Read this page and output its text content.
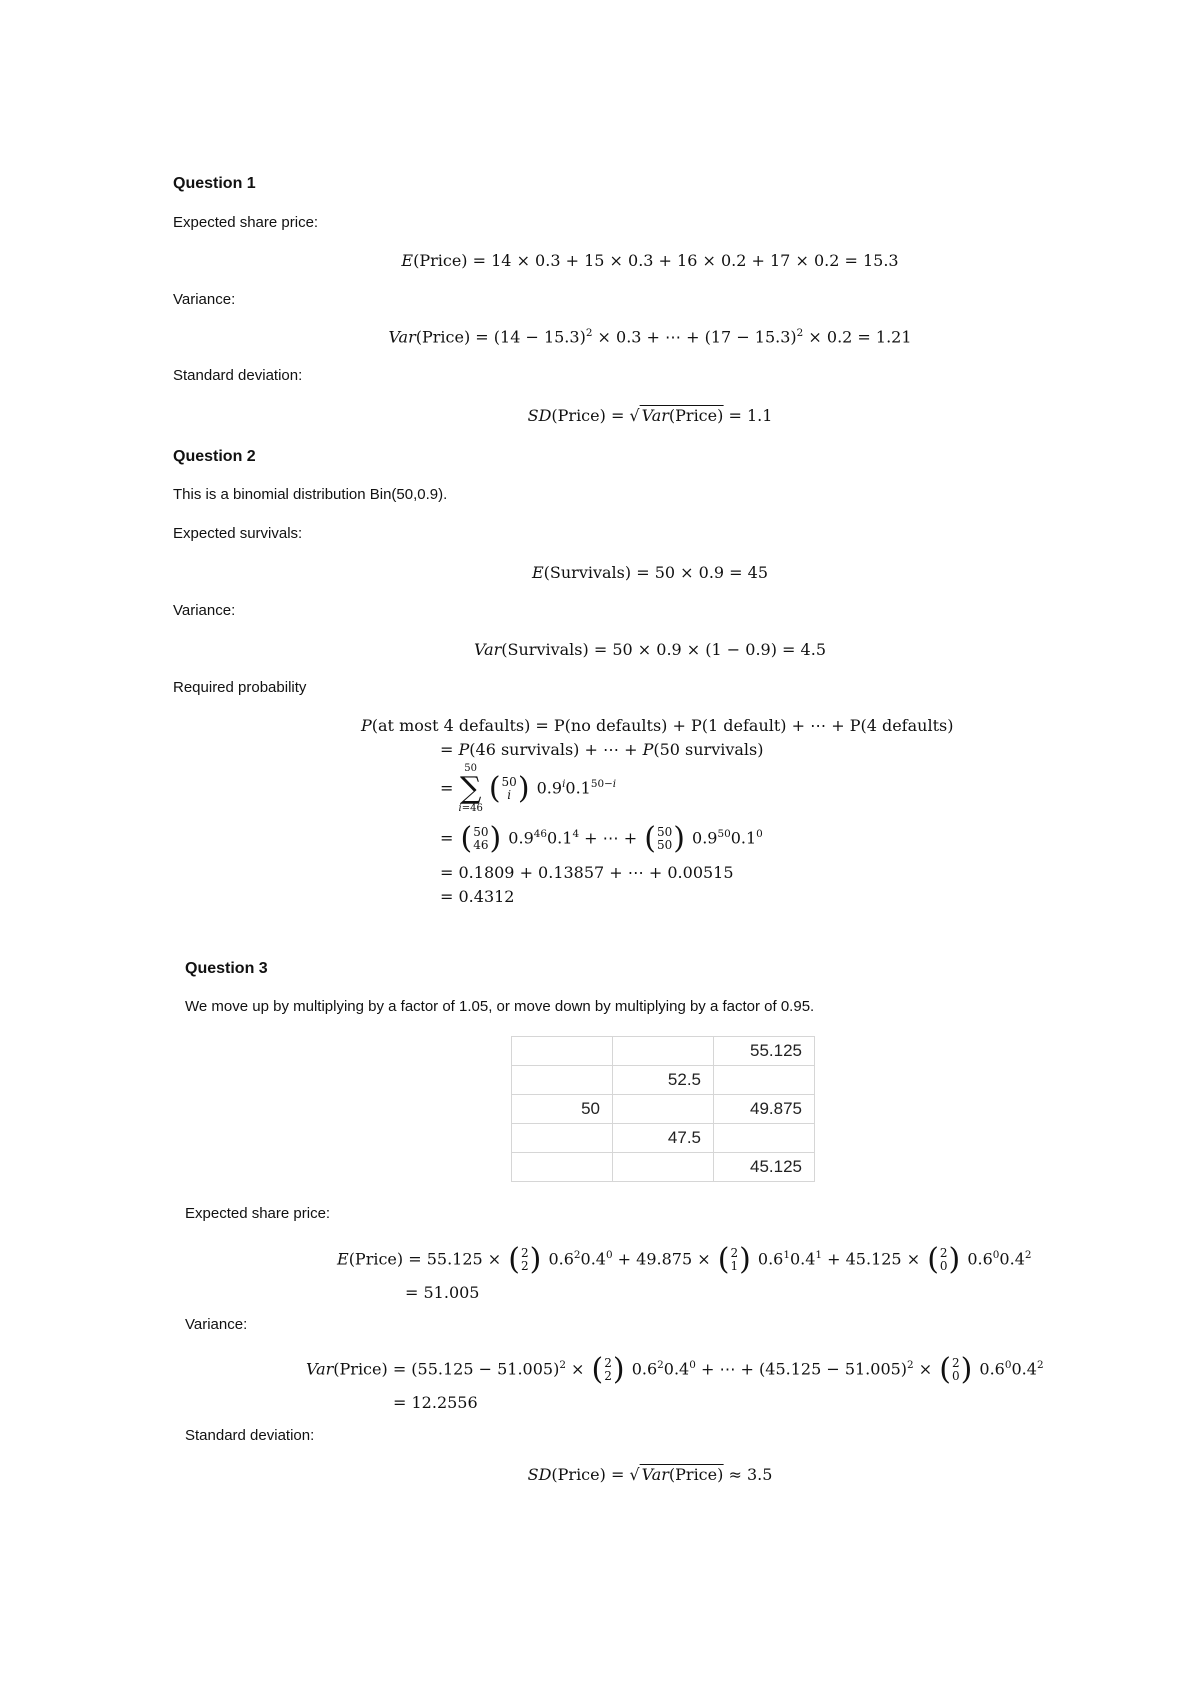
Question 1
Expected share price:
E(Price) = 14 × 0.3 + 15 × 0.3 + 16 × 0.2 + 17 × 0.2 = 15.3
Variance:
Var(Price) = $(14 - 15.3)^2 \times 0.3$ + ⋯ + $(17 - 15.3)^2 \times 0.2 = 1.21$
Standard deviation:
SD(Price) = √ Var(Price) = 1.1
Question 2
This is a binomial distribution Bin(50,0.9).
Expected survivals:
E(Survivals) = 50 × 0.9 = 45
Variance:
Var(Survivals) = 50 × 0.9 × (1 − 0.9) = 4.5
Required probability
P(at most 4 defaults) = P(no defaults) + P(1 default) + ⋯ + P(4 defaults)
= P(46 survivals) + ⋯ + P(50 survivals)
=
50
∑
i=46
( 50
i ) $0.9^i0.1^{50-i}$
= ( 50
46 ) $0.9^{46}0.1^4$ + ⋯ + ( 50
50 ) $0.9^{50}0.1^0$
= 0.1809 + 0.13857 + ⋯ + 0.00515
= 0.4312
Question 3
We move up by multiplying by a factor of 1.05, or move down by multiplying by a factor of 0.95.
		55.125
	52.5	
50		49.875
	47.5	
		45.125
Expected share price:
E(Price) = 55.125 × ( 2
2 ) $0.6^20.4^0 + 49.875$ × ( 2
1 ) $0.6^10.4^1 + 45.125$ × ( 2
0 ) $0.6^00.4^2$
= 51.005
Variance:
Var(Price) = $(55.125 - 51.005)^2$ × ( 2
2 ) $0.6^20.4^0$ + ⋯ + $(45.125 - 51.005)^2$ × ( 2
0 ) $0.6^00.4^2$
= 12.2556
Standard deviation:
SD(Price) = √ Var(Price) ≈ 3.5
